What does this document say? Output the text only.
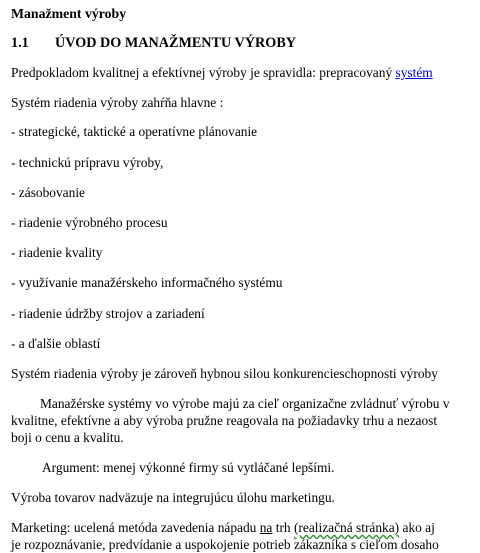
Manažment výroby
1.1 ÚVOD DO MANAŽMENTU VÝROBY
Predpokladom kvalitnej a efektívnej výroby je spravidla: prepracovaný systém
Systém riadenia výroby zahŕňa hlavne :
- strategické, taktické a operatívne plánovanie
- technickú prípravu výroby,
- zásobovanie
- riadenie výrobného procesu
- riadenie kvality
- využívanie manažérskeho informačného systému
- riadenie údržby strojov a zariadení
- a ďalšie oblastí
Systém riadenia výroby je zároveň hybnou silou konkurencieschopnosti výroby
Manažérske systémy vo výrobe majú za cieľ organizačne zvládnuť výrobu v
kvalitne, efektívne a aby výroba pružne reagovala na požiadavky trhu a nezaost
boji o cenu a kvalitu.
Argument: menej výkonné firmy sú vytláčané lepšími.
Výroba tovarov nadväzuje na integrujúcu úlohu marketingu.
Marketing: ucelená metóda zavedenia nápadu na trh (realizačná stránka) ako aj
je rozpoznávanie, predvídanie a uspokojenie potrieb zákazníka s cieľom dosaho
